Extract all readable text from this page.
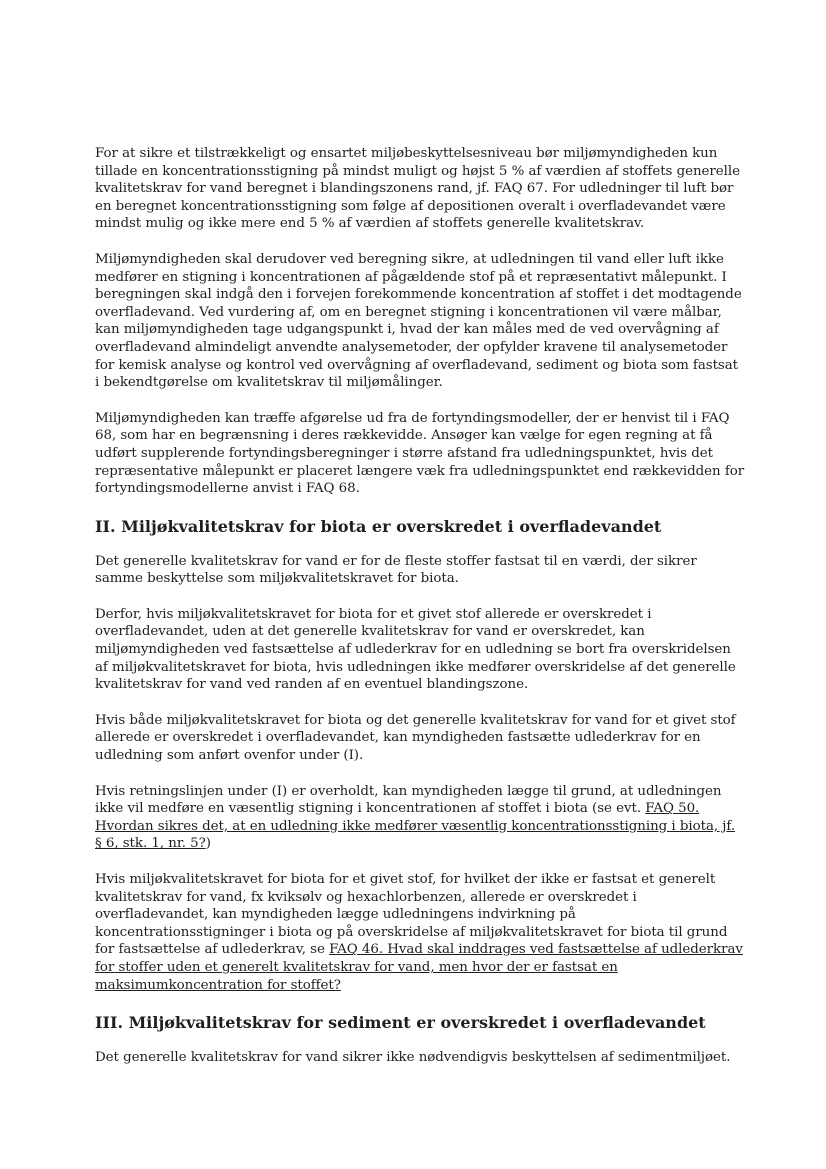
For at sikre et tilstrækkeligt og ensartet miljøbeskyttelsesniveau bør miljømyndigheden kun tillade en koncentrationsstigning på mindst muligt og højst 5 % af værdien af stoffets generelle kvalitetskrav for vand beregnet i blandingszonens rand, jf. FAQ 67. For udledninger til luft bør en beregnet koncentrationsstigning som følge af depositionen overalt i overfladevandet være mindst mulig og ikke mere end 5 % af værdien af stoffets generelle kvalitetskrav.

Miljømyndigheden skal derudover ved beregning sikre, at udledningen til vand eller luft ikke medfører en stigning i koncentrationen af pågældende stof på et repræsentativt målepunkt. I beregningen skal indgå den i forvejen forekommende koncentration af stoffet i det modtagende overfladevand. Ved vurdering af, om en beregnet stigning i koncentrationen vil være målbar, kan miljømyndigheden tage udgangspunkt i, hvad der kan måles med de ved overvågning af overfladevand almindeligt anvendte analysemetoder, der opfylder kravene til analysemetoder for kemisk analyse og kontrol ved overvågning af overfladevand, sediment og biota som fastsat i bekendtgørelse om kvalitetskrav til miljømålinger.

Miljømyndigheden kan træffe afgørelse ud fra de fortyndingsmodeller, der er henvist til i FAQ 68, som har en begrænsning i deres rækkevidde. Ansøger kan vælge for egen regning at få udført supplerende fortyndingsberegninger i større afstand fra udledningspunktet, hvis det repræsentative målepunkt er placeret længere væk fra udledningspunktet end rækkevidden for fortyndingsmodellerne anvist i FAQ 68.

II. Miljøkvalitetskrav for biota er overskredet i overfladevandet

Det generelle kvalitetskrav for vand er for de fleste stoffer fastsat til en værdi, der sikrer samme beskyttelse som miljøkvalitetskravet for biota.

Derfor, hvis miljøkvalitetskravet for biota for et givet stof allerede er overskredet i overfladevandet, uden at det generelle kvalitetskrav for vand er overskredet, kan miljømyndigheden ved fastsættelse af udlederkrav for en udledning se bort fra overskridelsen af miljøkvalitetskravet for biota, hvis udledningen ikke medfører overskridelse af det generelle kvalitetskrav for vand ved randen af en eventuel blandingszone.

Hvis både miljøkvalitetskravet for biota og det generelle kvalitetskrav for vand for et givet stof allerede er overskredet i overfladevandet, kan myndigheden fastsætte udlederkrav for en udledning som anført ovenfor under (I).

Hvis retningslinjen under (I) er overholdt, kan myndigheden lægge til grund, at udledningen ikke vil medføre en væsentlig stigning i koncentrationen af stoffet i biota (se evt. FAQ 50. Hvordan sikres det, at en udledning ikke medfører væsentlig koncentrationsstigning i biota, jf. § 6, stk. 1, nr. 5?)

Hvis miljøkvalitetskravet for biota for et givet stof, for hvilket der ikke er fastsat et generelt kvalitetskrav for vand, fx kviksølv og hexachlorbenzen, allerede er overskredet i overfladevandet, kan myndigheden lægge udledningens indvirkning på koncentrationsstigninger i biota og på overskridelse af miljøkvalitetskravet for biota til grund for fastsættelse af udlederkrav, se FAQ 46. Hvad skal inddrages ved fastsættelse af udlederkrav for stoffer uden et generelt kvalitetskrav for vand, men hvor der er fastsat en maksimumkoncentration for stoffet?

III. Miljøkvalitetskrav for sediment er overskredet i overfladevandet

Det generelle kvalitetskrav for vand sikrer ikke nødvendigvis beskyttelsen af sedimentmiljøet.
